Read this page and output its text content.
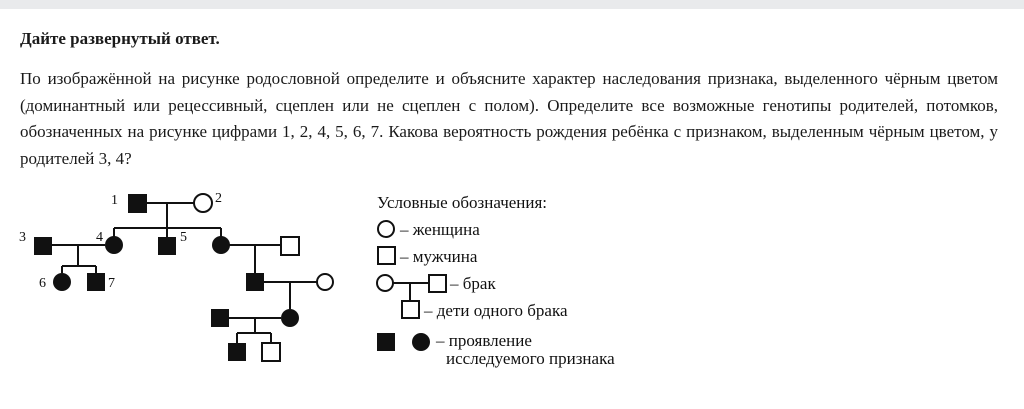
Дайте развернутый ответ.

По изображённой на рисунке родословной определите и объясните характер наследования признака, выделенного чёрным цветом (доминантный или рецессивный, сцеплен или не сцеплен с полом). Определите все возможные генотипы родителей, потомков, обозначенных на рисунке цифрами 1, 2, 4, 5, 6, 7. Какова вероятность рождения ребёнка с признаком, выделенным чёрным цветом, у родителей 3, 4?

1	2
3	4	5
6	7
Условные обозначения:
– женщина
– мужчина
– брак
– дети одного брака
– проявление
исследуемого признака
